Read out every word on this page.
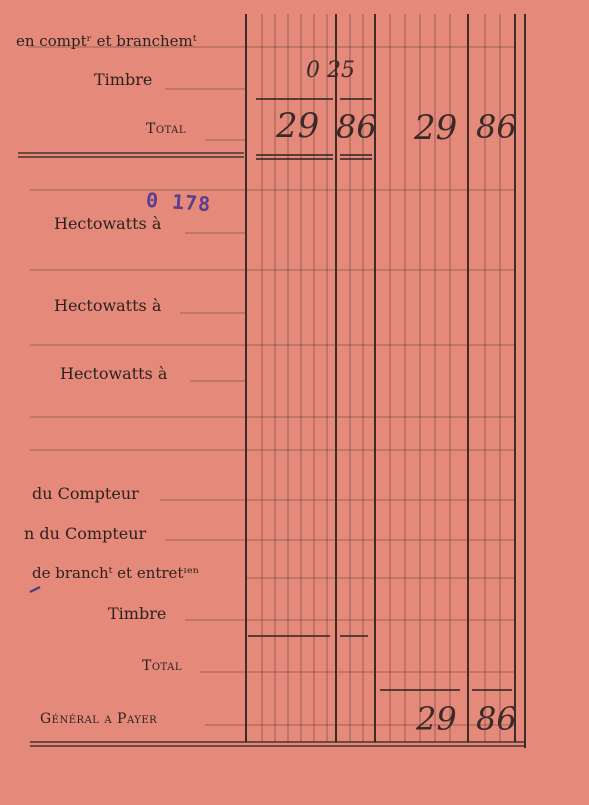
en comptʳ et branchemᵗ
Timbre
Total
Hectowatts à
Hectowatts à
Hectowatts à
du Compteur
n du Compteur
de branchᵗ et entretᶦᵉⁿ
Timbre
Total
Général a Payer
0 178
0 25
29 86 29 86
29 86
